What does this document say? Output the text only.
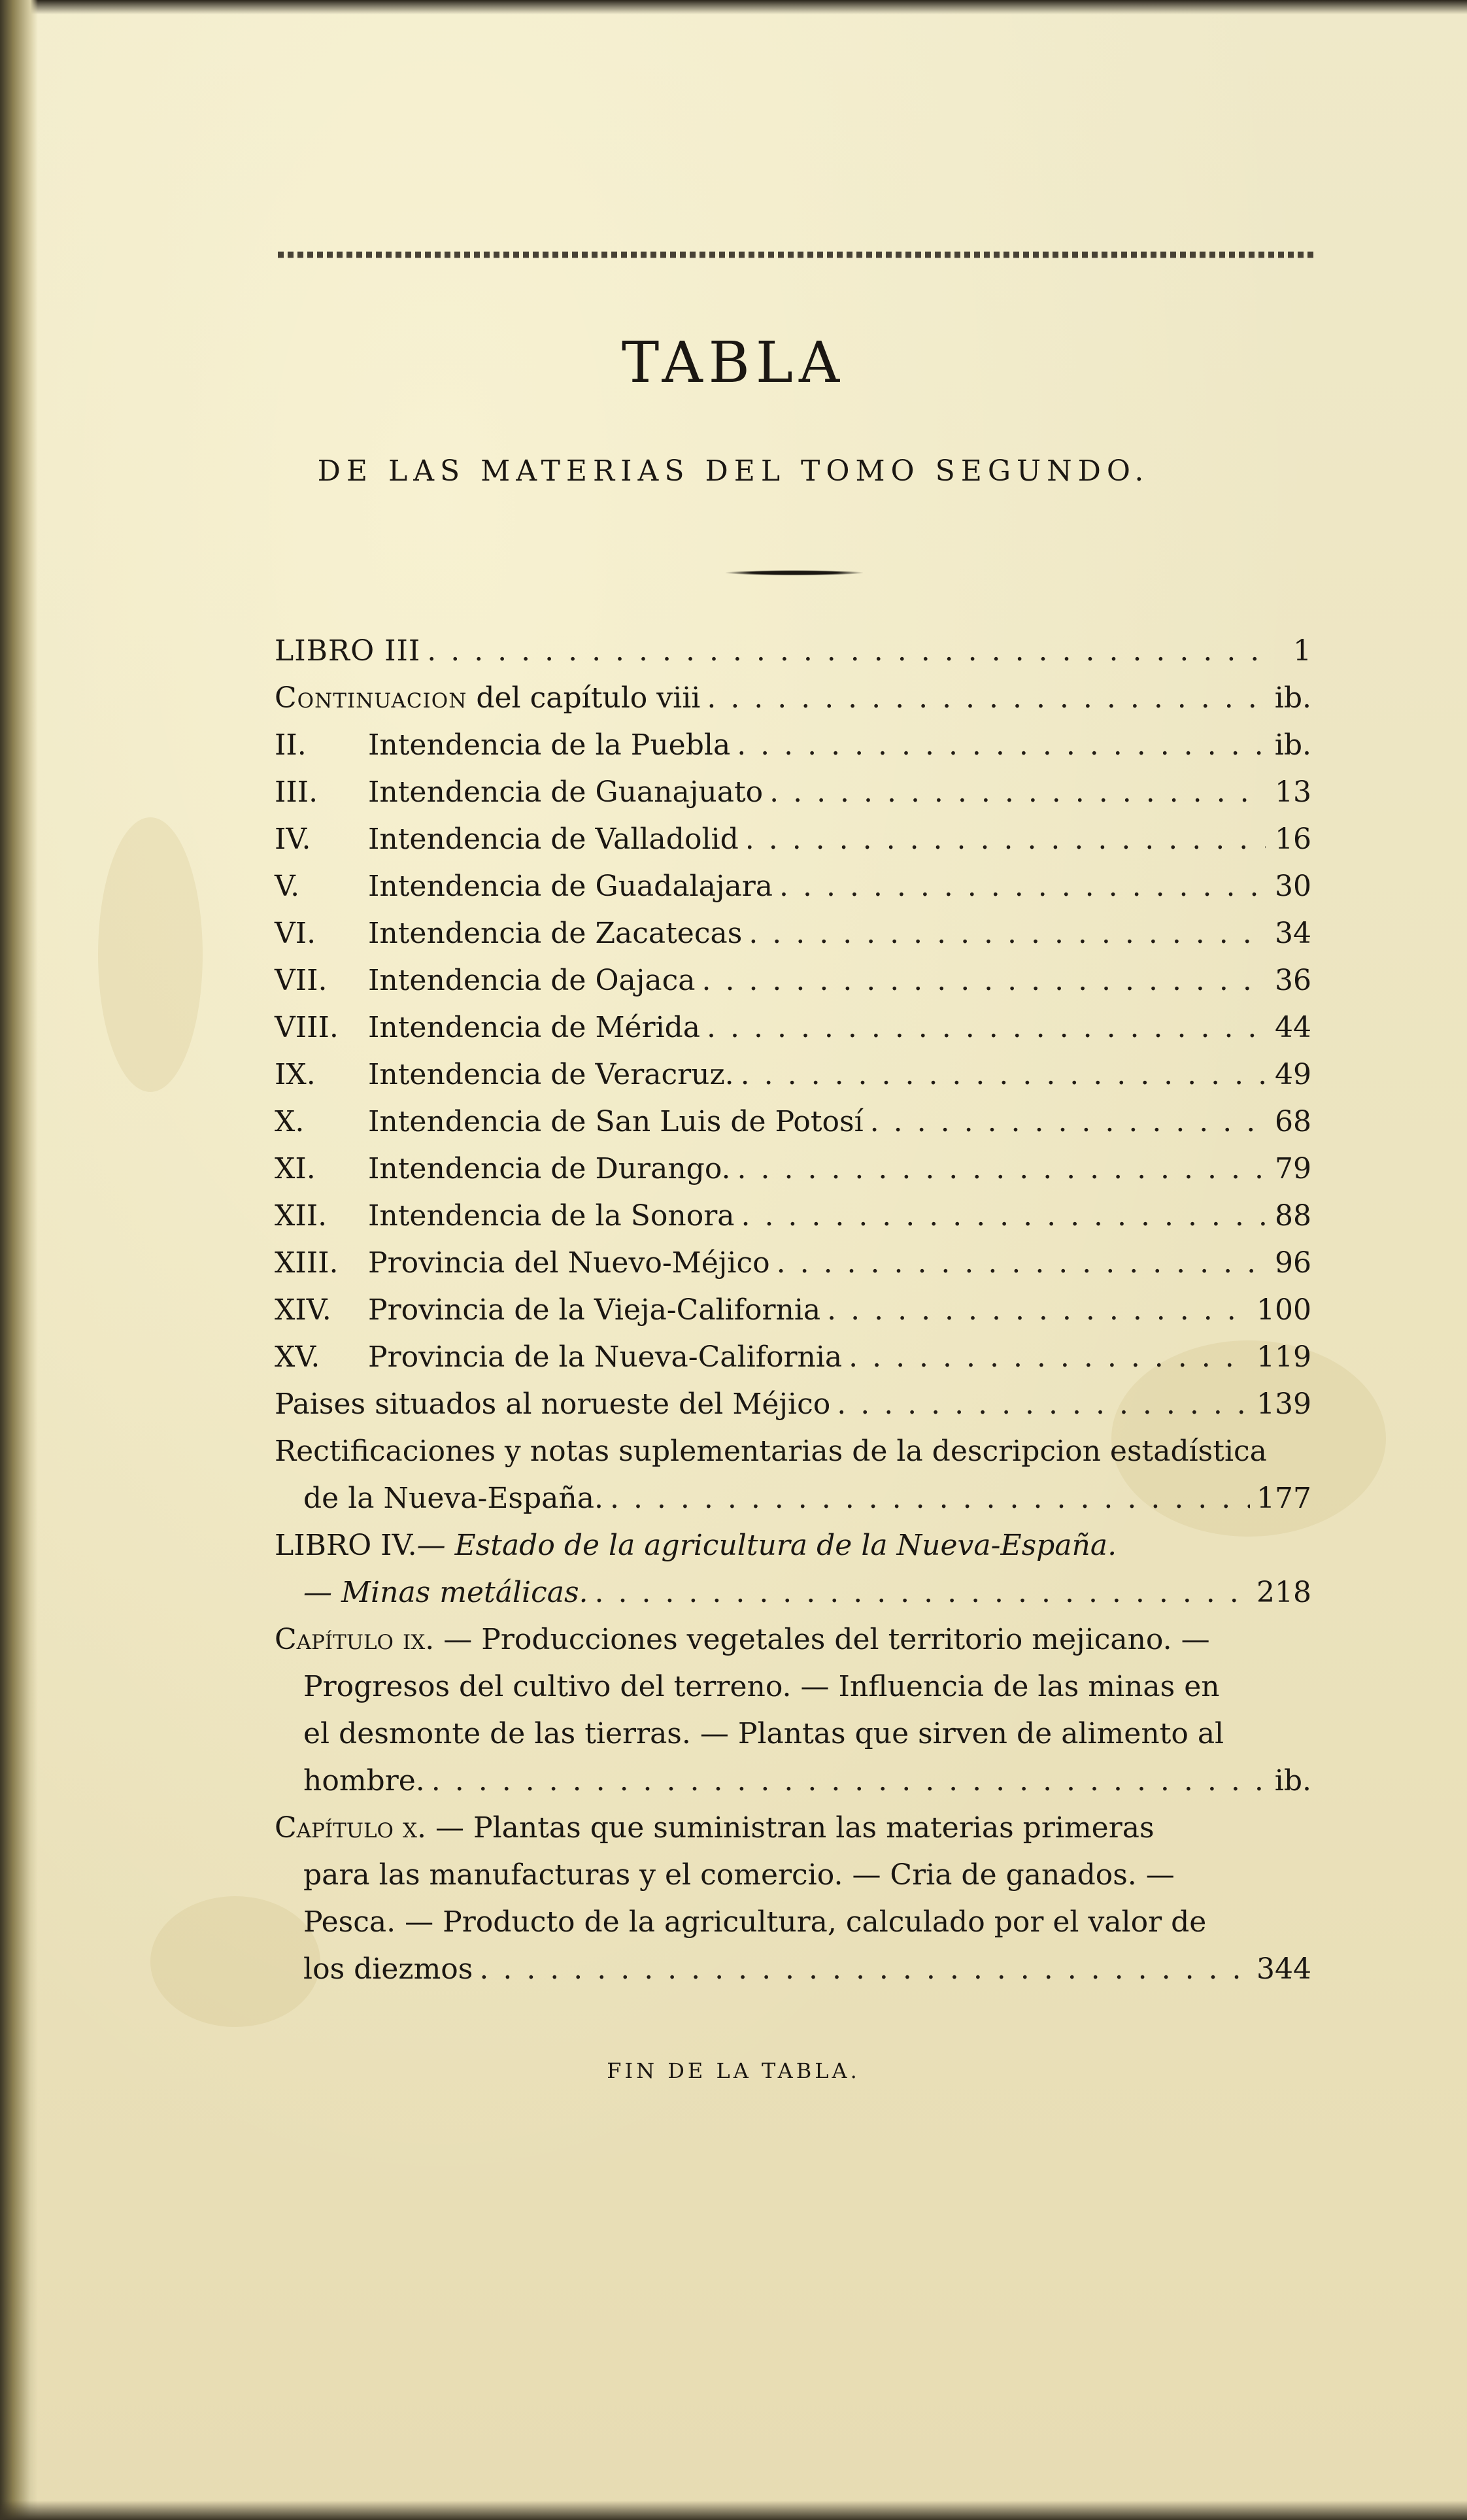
TABLA
DE LAS MATERIAS DEL TOMO SEGUNDO.
LIBRO III . . .	1
Continuacion del capítulo viii . . .	ib.
II.	Intendencia de la Puebla . . .	ib.
III.	Intendencia de Guanajuato . . .	13
IV.	Intendencia de Valladolid . . .	16
V.	Intendencia de Guadalajara . . .	30
VI.	Intendencia de Zacatecas . . .	34
VII.	Intendencia de Oajaca . . .	36
VIII.	Intendencia de Mérida . . .	44
IX.	Intendencia de Veracruz. . . .	49
X.	Intendencia de San Luis de Potosí . . .	68
XI.	Intendencia de Durango. . . .	79
XII.	Intendencia de la Sonora . . .	88
XIII.	Provincia del Nuevo-Méjico . . .	96
XIV.	Provincia de la Vieja-California . . .	100
XV.	Provincia de la Nueva-California . . .	119
Paises situados al norueste del Méjico . . .	139
Rectificaciones y notas suplementarias de la descripcion estadística
de la Nueva-España. . . .	177
LIBRO IV.— Estado de la agricultura de la Nueva-España.
— Minas metálicas. . . .	218
Capítulo ix. — Producciones vegetales del territorio mejicano. —
Progresos del cultivo del terreno. — Influencia de las minas en
el desmonte de las tierras. — Plantas que sirven de alimento al
hombre. . . .	ib.
Capítulo x. — Plantas que suministran las materias primeras
para las manufacturas y el comercio. — Cria de ganados. —
Pesca. — Producto de la agricultura, calculado por el valor de
los diezmos . . .	344
FIN DE LA TABLA.
